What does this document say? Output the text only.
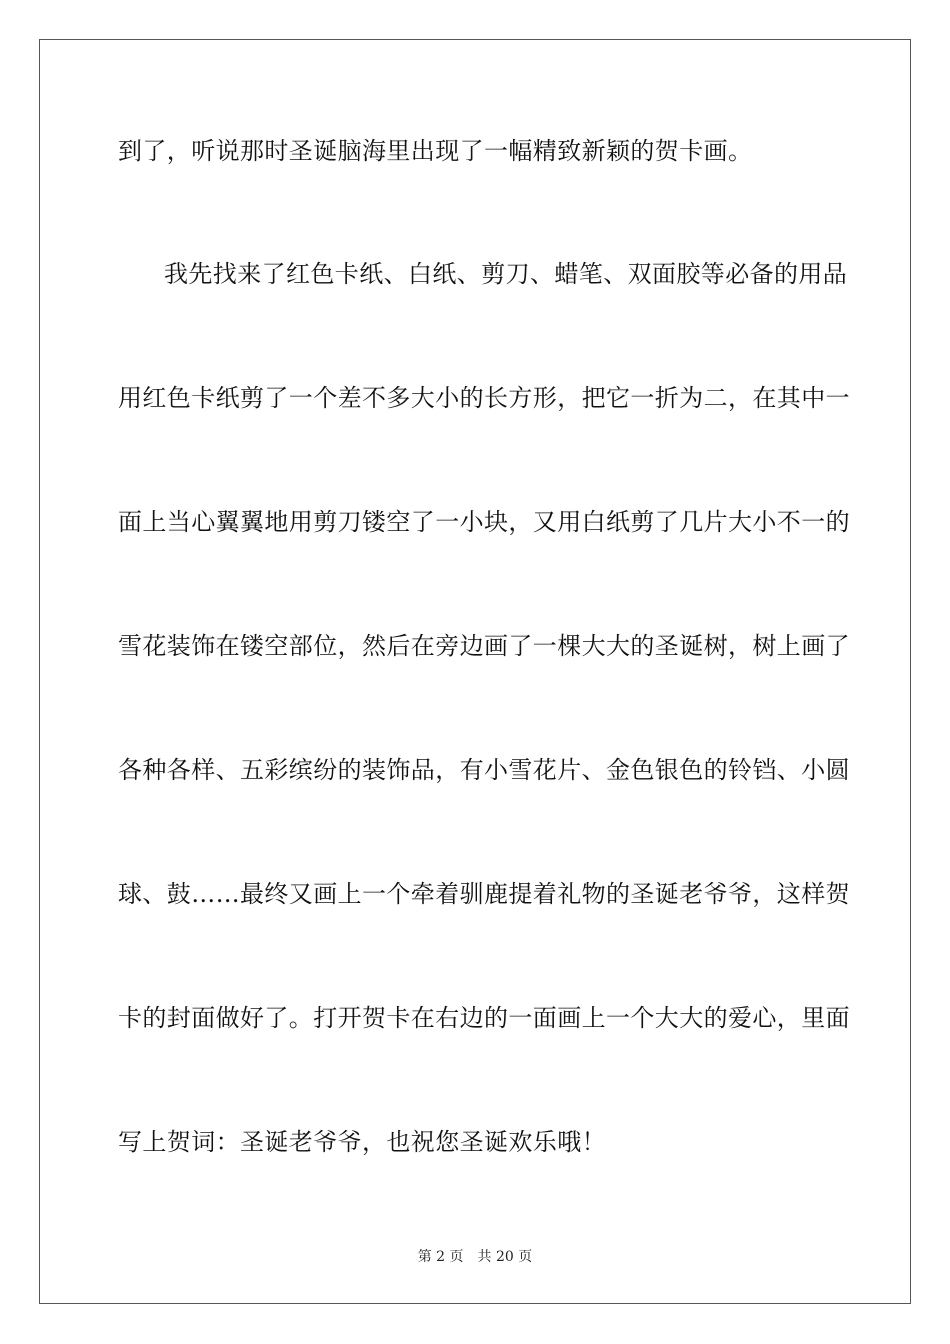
到了，听说那时圣诞脑海里出现了一幅精致新颖的贺卡画。
我先找来了红色卡纸、白纸、剪刀、蜡笔、双面胶等必备的用品
用红色卡纸剪了一个差不多大小的长方形，把它一折为二，在其中一
面上当心翼翼地用剪刀镂空了一小块，又用白纸剪了几片大小不一的
雪花装饰在镂空部位，然后在旁边画了一棵大大的圣诞树，树上画了
各种各样、五彩缤纷的装饰品，有小雪花片、金色银色的铃铛、小圆
球、鼓……最终又画上一个牵着驯鹿提着礼物的圣诞老爷爷，这样贺
卡的封面做好了。打开贺卡在右边的一面画上一个大大的爱心，里面
写上贺词：圣诞老爷爷，也祝您圣诞欢乐哦！
第 2 页　共 20 页
